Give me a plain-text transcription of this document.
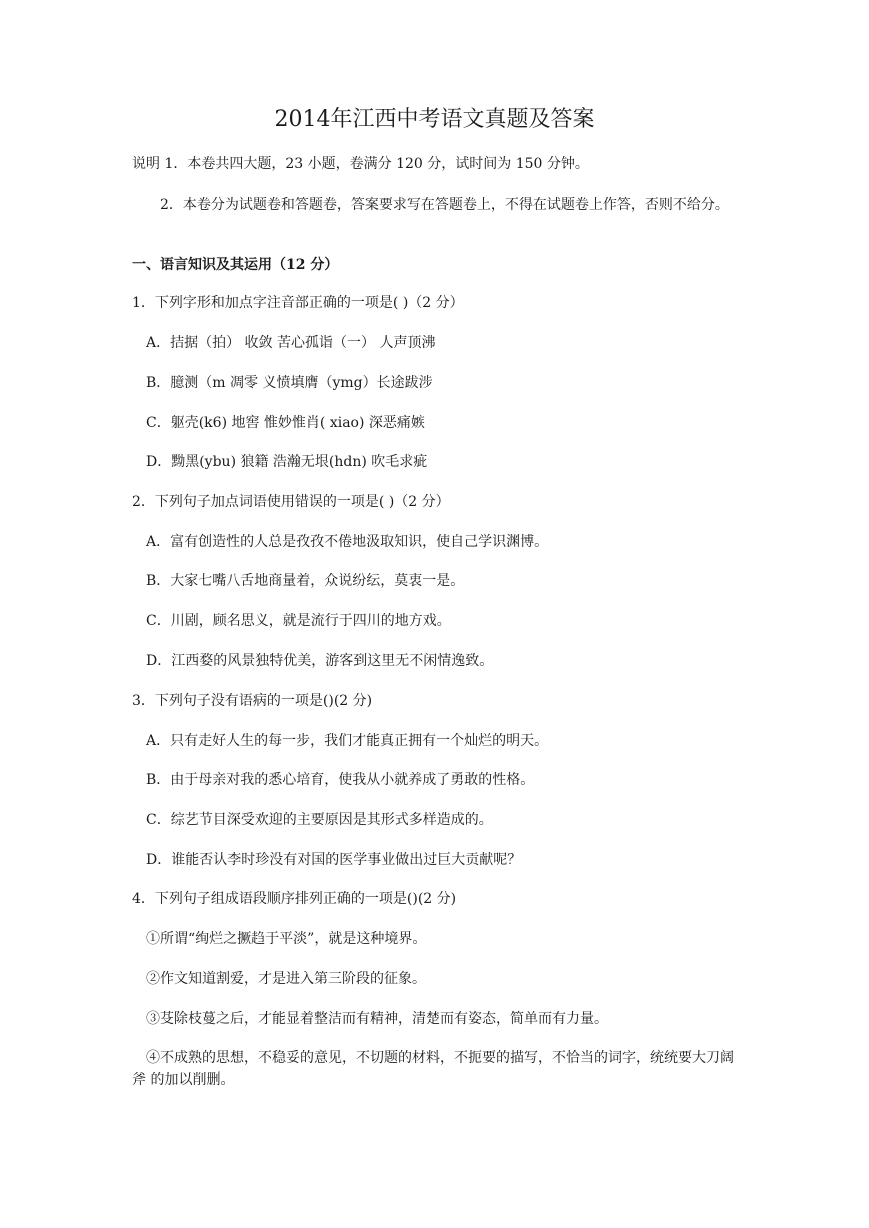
2014年江西中考语文真题及答案
说明 1．本卷共四大题，23 小题，卷满分 120 分，试时间为 150 分钟。
2．本卷分为试题卷和答题卷，答案要求写在答题卷上，不得在试题卷上作答，否则不给分。
一、语言知识及其运用（12 分）
1．下列字形和加点字注音部正确的一项是( )（2 分）
A．拮据（拍） 收敛 苦心孤诣（一） 人声顶沸
B．臆测（m 凋零 义愤填膺（ymg）长途跋涉
C．躯壳(k6) 地窖 惟妙惟肖( xiao) 深恶痛嫉
D．黝黑(ybu) 狼籍 浩瀚无垠(hdn) 吹毛求疵
2．下列句子加点词语使用错误的一项是( )（2 分）
A．富有创造性的人总是孜孜不倦地汲取知识，使自己学识渊博。
B．大家七嘴八舌地商量着，众说纷纭，莫衷一是。
C．川剧，顾名思义，就是流行于四川的地方戏。
D．江西婺的风景独特优美，游客到这里无不闲情逸致。
3．下列句子没有语病的一项是()(2 分)
A．只有走好人生的每一步，我们才能真正拥有一个灿烂的明天。
B．由于母亲对我的悉心培育，使我从小就养成了勇敢的性格。
C．综艺节目深受欢迎的主要原因是其形式多样造成的。
D．谁能否认李时珍没有对国的医学事业做出过巨大贡献呢？
4．下列句子组成语段顺序排列正确的一项是()(2 分)
①所谓“绚烂之撅趋于平淡”，就是这种境界。
②作文知道割爱，才是进入第三阶段的征象。
③芟除枝蔓之后，才能显着整洁而有精神，清楚而有姿态，简单而有力量。
④不成熟的思想，不稳妥的意见，不切题的材料，不扼要的描写，不恰当的词字，统统要大刀阔斧 的加以削删。
